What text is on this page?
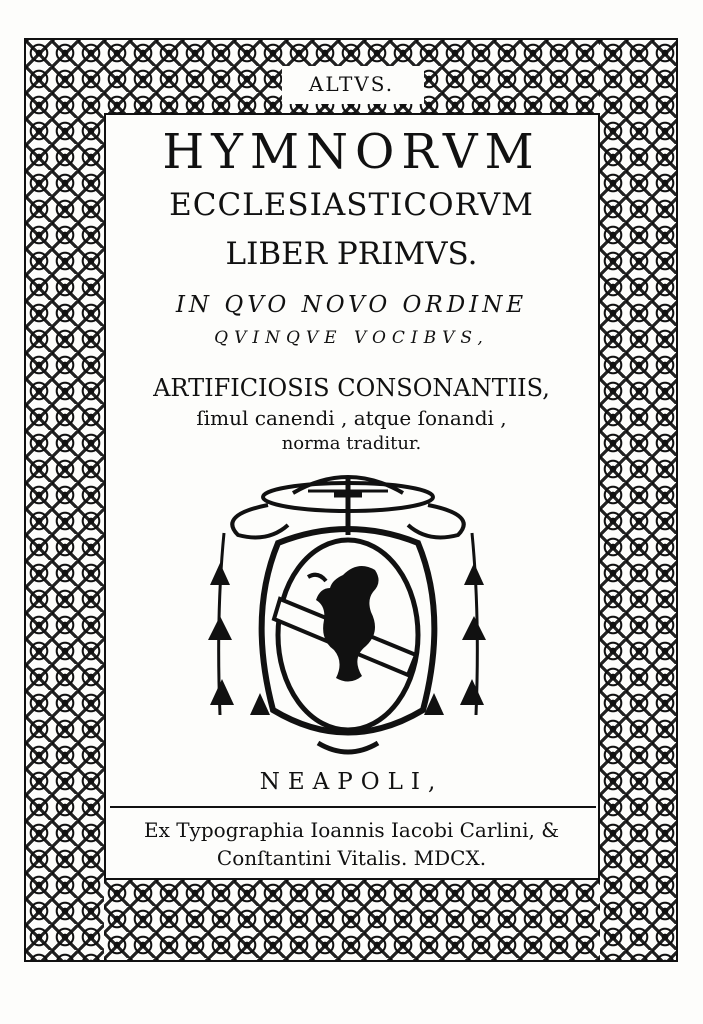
ALTVS.
HYMNORVM
ECCLESIASTICORVM
LIBER PRIMVS.
IN QVO NOVO ORDINE
QVINQVE VOCIBVS,
ARTIFICIOSIS CONSONANTIIS,
ſimul canendi , atque ſonandi ,
norma traditur.
NEAPOLI,
Ex Typographia Ioannis Iacobi Carlini, &
Conſtantini Vitalis. MDCX.
